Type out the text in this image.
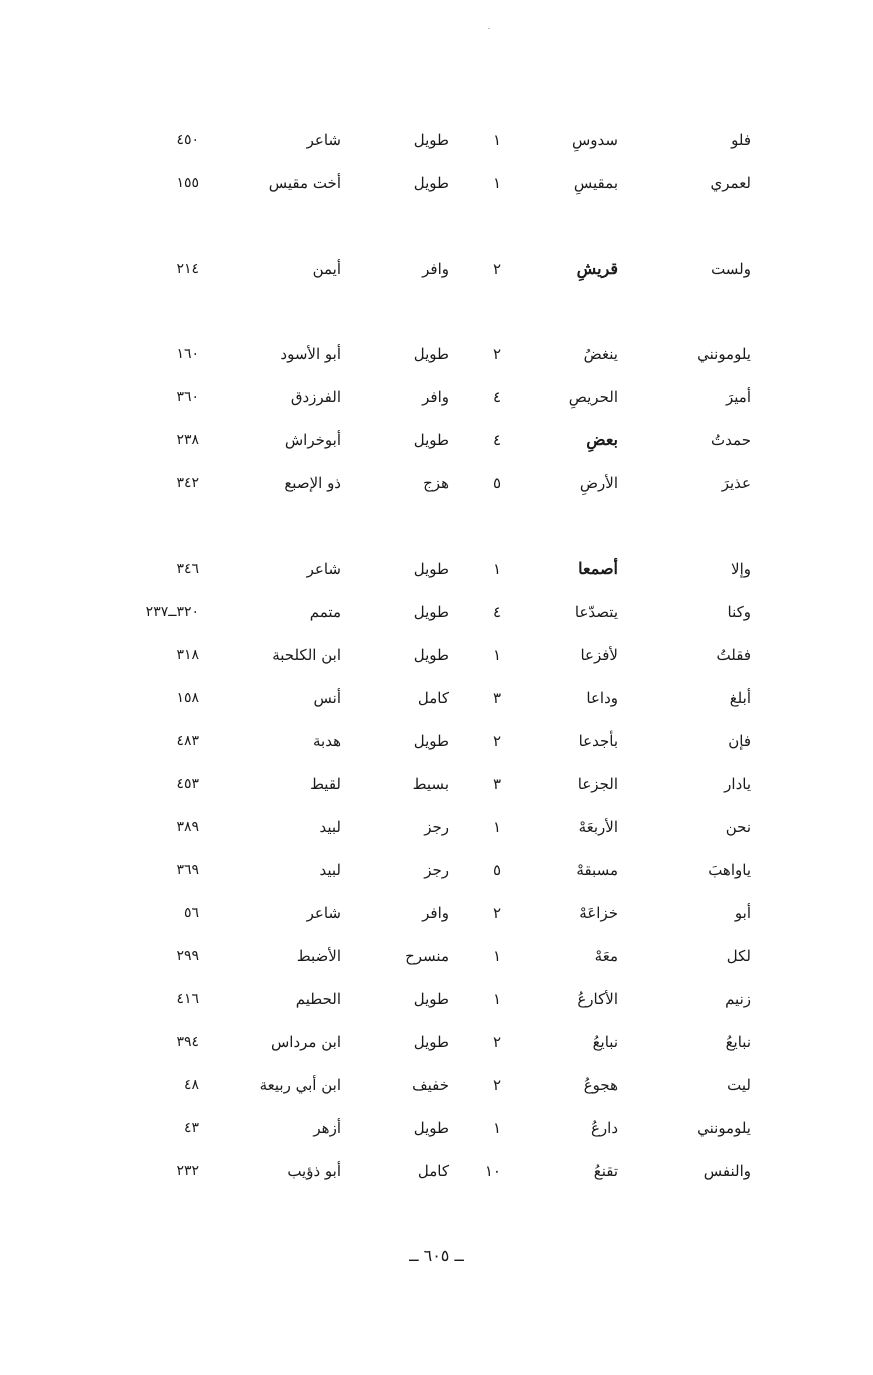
فلو
سدوسِ
١
طويل
شاعر
٤٥٠
لعمري
بمقيسِ
١
طويل
أخت مقيس
١٥٥
ولست
قريشِ
٢
وافر
أيمن
٢١٤
يلومونني
ينغضُ
٢
طويل
أبو الأسود
١٦٠
أميرَ
الحريصِ
٤
وافر
الفرزدق
٣٦٠
حمدتُ
بعضِ
٤
طويل
أبوخراش
٢٣٨
عذيرَ
الأرضِ
٥
هزج
ذو الإصبع
٣٤٢
وإلا
أصمعا
١
طويل
شاعر
٣٤٦
وكنا
يتصدّعا
٤
طويل
متمم
٣٢٠ــ٢٣٧
فقلتُ
لأفزعا
١
طويل
ابن الكلحبة
٣١٨
أبلغ
وداعا
٣
كامل
أنس
١٥٨
فإن
بأجدعا
٢
طويل
هدبة
٤٨٣
يادار
الجزعا
٣
بسيط
لقيط
٤٥٣
نحن
الأربعَهْ
١
رجز
لبيد
٣٨٩
ياواهبَ
مسبقهْ
٥
رجز
لبيد
٣٦٩
أبو
خزاعَهْ
٢
وافر
شاعر
٥٦
لكل
معَهْ
١
منسرح
الأضبط
٢٩٩
زنيم
الأكارعُ
١
طويل
الحطيم
٤١٦
نبايعُ
نبايعُ
٢
طويل
ابن مرداس
٣٩٤
ليت
هجوعُ
٢
خفيف
ابن أبي ربيعة
٤٨
يلومونني
دارعُ
١
طويل
أزهر
٤٣
والنفس
تقنعُ
١٠
كامل
أبو ذؤيب
٢٣٢
ــ ٦٠٥ ــ
